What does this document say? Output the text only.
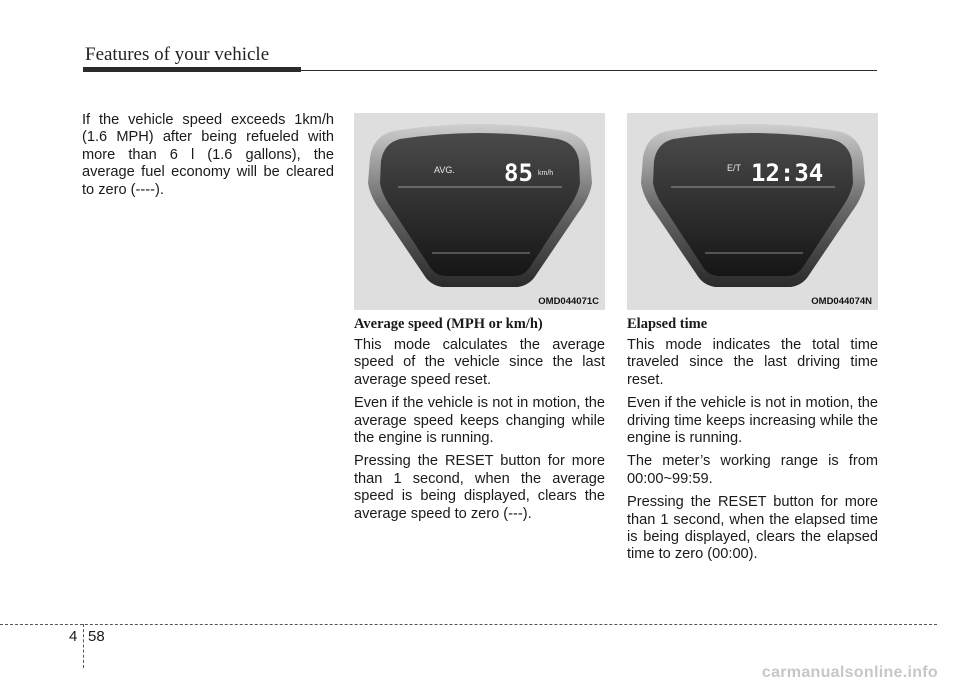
Features of your vehicle

If the vehicle speed exceeds 1km/h (1.6 MPH) after being refueled with more than 6 l (1.6 gallons), the average fuel economy will be cleared to zero (----).

AVG. 85 km/h
OMD044071C
E/T 12:34
OMD044074N
Average speed (MPH or km/h)

This mode calculates the average speed of the vehicle since the last average speed reset.

Even if the vehicle is not in motion, the average speed keeps changing while the engine is running.

Pressing the RESET button for more than 1 second, when the average speed is being displayed, clears the average speed to zero (---).

Elapsed time

This mode indicates the total time traveled since the last driving time reset.

Even if the vehicle is not in motion, the driving time keeps increasing while the engine is running.

The meter’s working range is from 00:00~99:59.

Pressing the RESET button for more than 1 second, when the elapsed time is being displayed, clears the elapsed time to zero (00:00).

4 58
carmanualsonline.info
